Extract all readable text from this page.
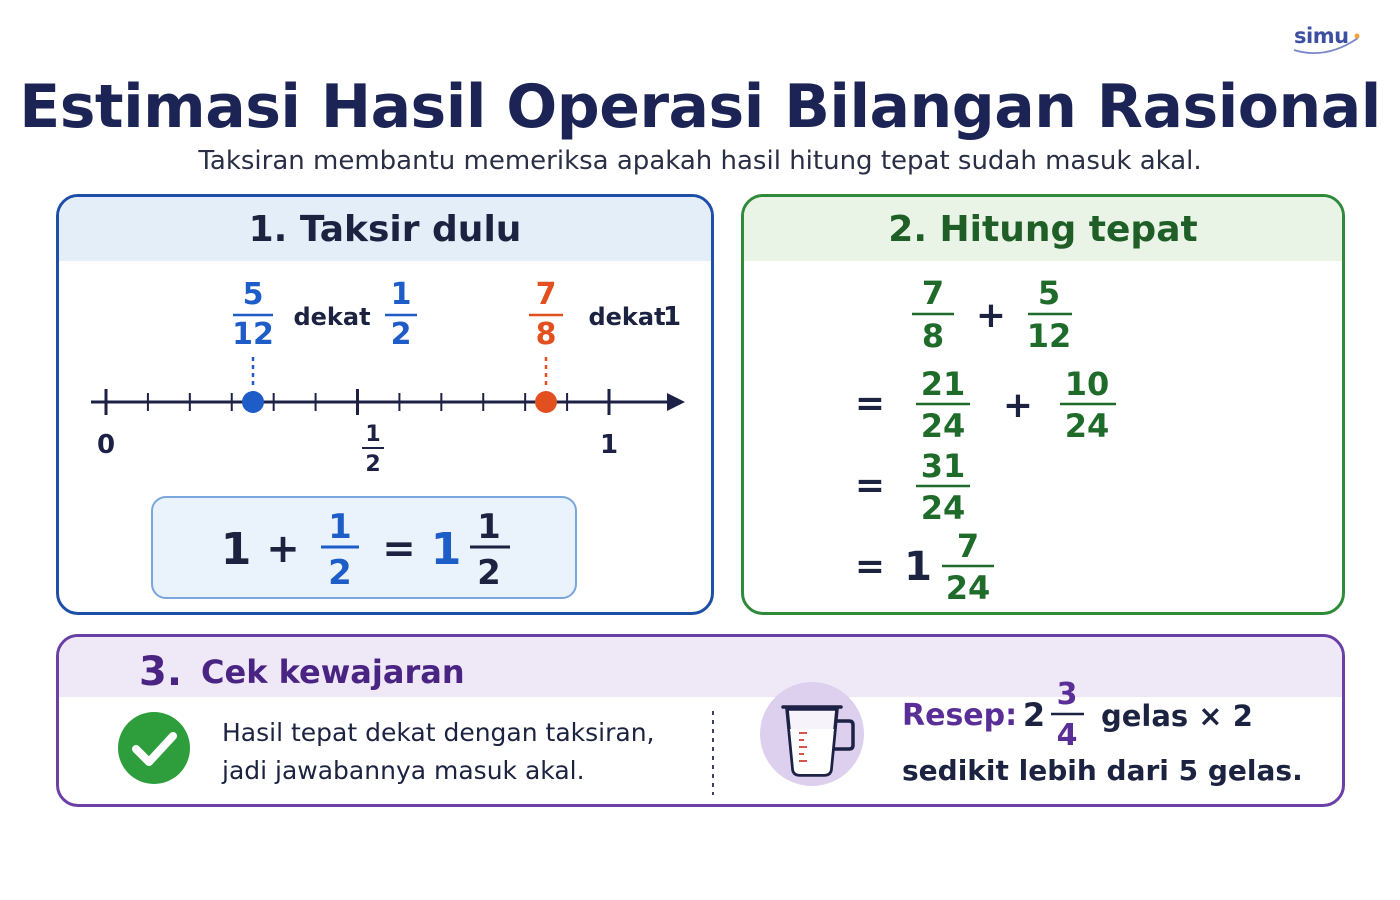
simu
Estimasi Hasil Operasi Bilangan Rasional
Taksiran membantu memeriksa apakah hasil hitung tepat sudah masuk akal.
1. Taksir dulu
5
12 dekat
1
2
7
8 dekat
1
0	1
2
1
1 + 1
2
= 1 1
2
2. Hitung tepat
7
8 +
5
12
= 21
24 +
10
24
= 31
24
= 1 7
24
3. Cek kewajaran
Hasil tepat dekat dengan taksiran,
jadi jawabannya masuk akal.
Resep: 2
3
4
gelas × 2
sedikit lebih dari 5 gelas.
